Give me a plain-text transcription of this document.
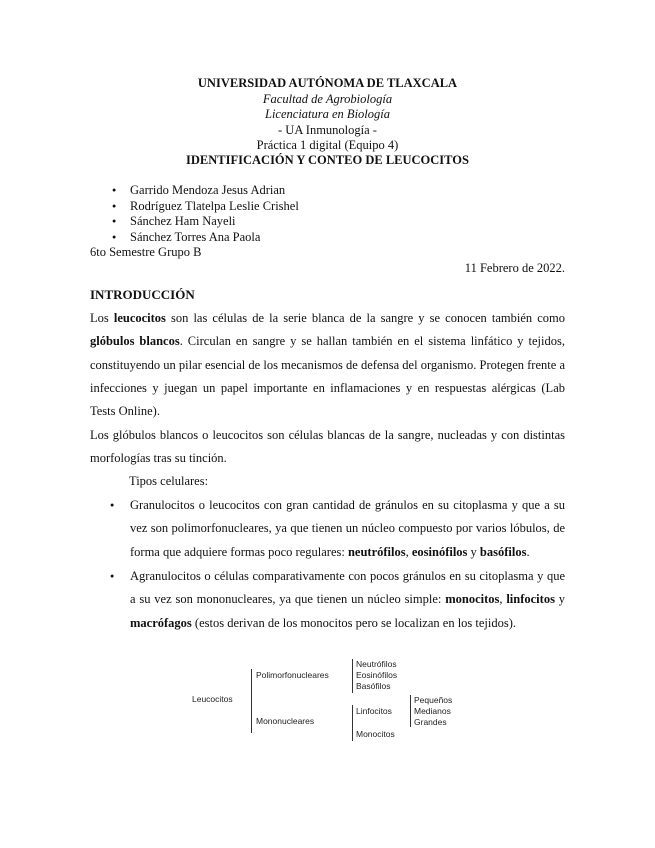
UNIVERSIDAD AUTÓNOMA DE TLAXCALA
Facultad de Agrobiología
Licenciatura en Biología
- UA Inmunología -
Práctica 1 digital (Equipo 4)
IDENTIFICACIÓN Y CONTEO DE LEUCOCITOS
● Garrido Mendoza Jesus Adrian
● Rodríguez Tlatelpa Leslie Crishel
● Sánchez Ham Nayeli
● Sánchez Torres Ana Paola
6to Semestre Grupo B
11 Febrero de 2022.
INTRODUCCIÓN
Los leucocitos son las células de la serie blanca de la sangre y se conocen también como glóbulos blancos. Circulan en sangre y se hallan también en el sistema linfático y tejidos, constituyendo un pilar esencial de los mecanismos de defensa del organismo. Protegen frente a infecciones y juegan un papel importante en inflamaciones y en respuestas alérgicas (Lab Tests Online).
Los glóbulos blancos o leucocitos son células blancas de la sangre, nucleadas y con distintas morfologías tras su tinción.
Tipos celulares:
● Granulocitos o leucocitos con gran cantidad de gránulos en su citoplasma y que a su vez son polimorfonucleares, ya que tienen un núcleo compuesto por varios lóbulos, de forma que adquiere formas poco regulares: neutrófilos, eosinófilos y basófilos.
● Agranulocitos o células comparativamente con pocos gránulos en su citoplasma y que a su vez son mononucleares, ya que tienen un núcleo simple: monocitos, linfocitos y macrófagos (estos derivan de los monocitos pero se localizan en los tejidos).
Leucocitos
Polimorfonucleares
Mononucleares
Neutrófilos
Eosinófilos
Basófilos
Linfocitos
Monocitos
Pequeños
Medianos
Grandes
